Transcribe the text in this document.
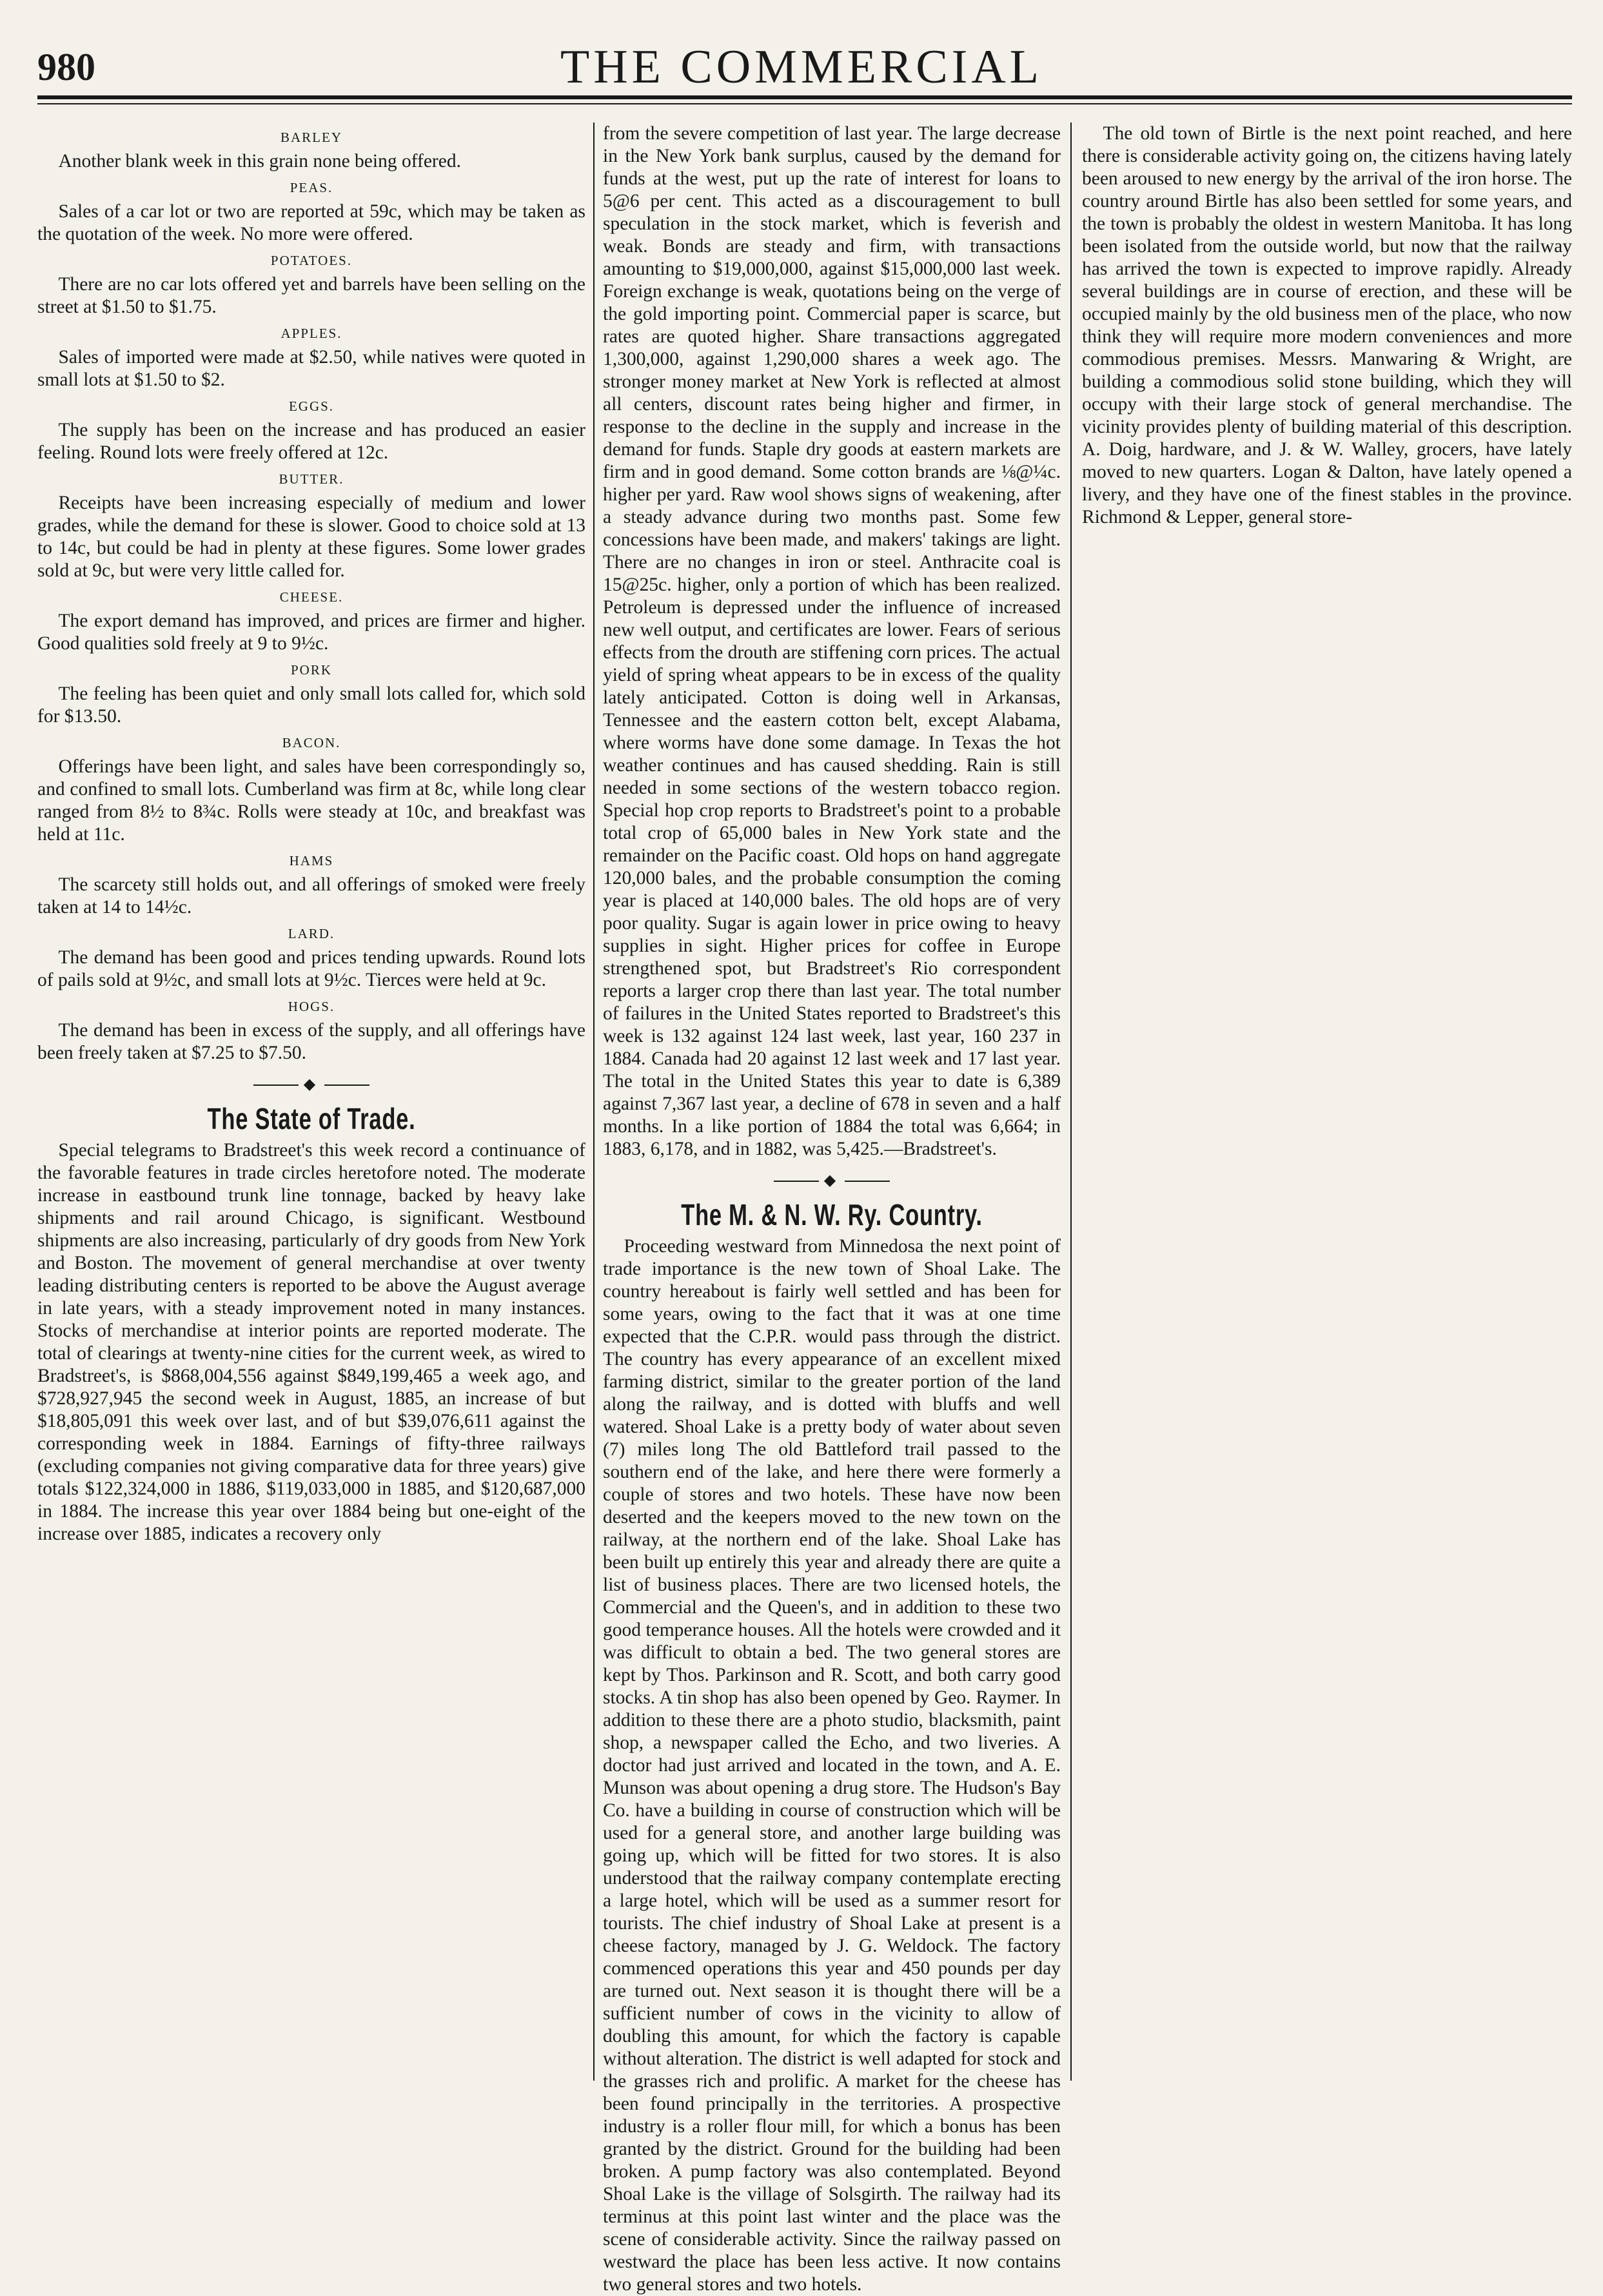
980	THE COMMERCIAL
BARLEY

Another blank week in this grain none being offered.

PEAS.

Sales of a car lot or two are reported at 59c, which may be taken as the quotation of the week. No more were offered.

POTATOES.

There are no car lots offered yet and barrels have been selling on the street at $1.50 to $1.75.

APPLES.

Sales of imported were made at $2.50, while natives were quoted in small lots at $1.50 to $2.

EGGS.

The supply has been on the increase and has produced an easier feeling. Round lots were freely offered at 12c.

BUTTER.

Receipts have been increasing especially of medium and lower grades, while the demand for these is slower. Good to choice sold at 13 to 14c, but could be had in plenty at these figures. Some lower grades sold at 9c, but were very little called for.

CHEESE.

The export demand has improved, and prices are firmer and higher. Good qualities sold freely at 9 to 9½c.

PORK

The feeling has been quiet and only small lots called for, which sold for $13.50.

BACON.

Offerings have been light, and sales have been correspondingly so, and confined to small lots. Cumberland was firm at 8c, while long clear ranged from 8½ to 8¾c. Rolls were steady at 10c, and breakfast was held at 11c.

HAMS

The scarcety still holds out, and all offerings of smoked were freely taken at 14 to 14½c.

LARD.

The demand has been good and prices tending upwards. Round lots of pails sold at 9½c, and small lots at 9½c. Tierces were held at 9c.

HOGS.

The demand has been in excess of the supply, and all offerings have been freely taken at $7.25 to $7.50.

◆
The State of Trade.

Special telegrams to Bradstreet's this week record a continuance of the favorable features in trade circles heretofore noted. The moderate increase in eastbound trunk line tonnage, backed by heavy lake shipments and rail around Chicago, is significant. Westbound shipments are also increasing, particularly of dry goods from New York and Boston. The movement of general merchandise at over twenty leading distributing centers is reported to be above the August average in late years, with a steady improvement noted in many instances. Stocks of merchandise at interior points are reported moderate. The total of clearings at twenty-nine cities for the current week, as wired to Bradstreet's, is $868,004,556 against $849,199,465 a week ago, and $728,927,945 the second week in August, 1885, an increase of but $18,805,091 this week over last, and of but $39,076,611 against the corresponding week in 1884. Earnings of fifty-three railways (excluding companies not giving comparative data for three years) give totals $122,324,000 in 1886, $119,033,000 in 1885, and $120,687,000 in 1884. The increase this year over 1884 being but one-eight of the increase over 1885, indicates a recovery only

from the severe competition of last year. The large decrease in the New York bank surplus, caused by the demand for funds at the west, put up the rate of interest for loans to 5@6 per cent. This acted as a discouragement to bull speculation in the stock market, which is feverish and weak. Bonds are steady and firm, with transactions amounting to $19,000,000, against $15,000,000 last week. Foreign exchange is weak, quotations being on the verge of the gold importing point. Commercial paper is scarce, but rates are quoted higher. Share transactions aggregated 1,300,000, against 1,290,000 shares a week ago. The stronger money market at New York is reflected at almost all centers, discount rates being higher and firmer, in response to the decline in the supply and increase in the demand for funds. Staple dry goods at eastern markets are firm and in good demand. Some cotton brands are ⅛@¼c. higher per yard. Raw wool shows signs of weakening, after a steady advance during two months past. Some few concessions have been made, and makers' takings are light. There are no changes in iron or steel. Anthracite coal is 15@25c. higher, only a portion of which has been realized. Petroleum is depressed under the influence of increased new well output, and certificates are lower. Fears of serious effects from the drouth are stiffening corn prices. The actual yield of spring wheat appears to be in excess of the quality lately anticipated. Cotton is doing well in Arkansas, Tennessee and the eastern cotton belt, except Alabama, where worms have done some damage. In Texas the hot weather continues and has caused shedding. Rain is still needed in some sections of the western tobacco region. Special hop crop reports to Bradstreet's point to a probable total crop of 65,000 bales in New York state and the remainder on the Pacific coast. Old hops on hand aggregate 120,000 bales, and the probable consumption the coming year is placed at 140,000 bales. The old hops are of very poor quality. Sugar is again lower in price owing to heavy supplies in sight. Higher prices for coffee in Europe strengthened spot, but Bradstreet's Rio correspondent reports a larger crop there than last year. The total number of failures in the United States reported to Bradstreet's this week is 132 against 124 last week, last year, 160 237 in 1884. Canada had 20 against 12 last week and 17 last year. The total in the United States this year to date is 6,389 against 7,367 last year, a decline of 678 in seven and a half months. In a like portion of 1884 the total was 6,664; in 1883, 6,178, and in 1882, was 5,425.—Bradstreet's.

◆
The M. & N. W. Ry. Country.

Proceeding westward from Minnedosa the next point of trade importance is the new town of Shoal Lake. The country hereabout is fairly well settled and has been for some years, owing to the fact that it was at one time expected that the C.P.R. would pass through the district. The country has every appearance of an excellent mixed farming district, similar to the greater portion of the land along the railway, and is dotted with bluffs and well watered. Shoal Lake is a pretty body of water about seven (7) miles long The old Battleford trail passed to the southern end of the lake, and here there were formerly a couple of stores and two hotels. These have now been deserted and the keepers moved to the new town on the railway, at the northern end of the lake. Shoal Lake has been built up entirely this year and already there are quite a list of business places. There are two licensed hotels, the Commercial and the Queen's, and in addition to these two good temperance houses. All the hotels were crowded and it was difficult to obtain a bed. The two general stores are kept by Thos. Parkinson and R. Scott, and both carry good stocks. A tin shop has also been opened by Geo. Raymer. In addition to these there are a photo studio, blacksmith, paint shop, a newspaper called the Echo, and two liveries. A doctor had just arrived and located in the town, and A. E. Munson was about opening a drug store. The Hudson's Bay Co. have a building in course of construction which will be used for a general store, and another large building was going up, which will be fitted for two stores. It is also understood that the railway company contemplate erecting a large hotel, which will be used as a summer resort for tourists. The chief industry of Shoal Lake at present is a cheese factory, managed by J. G. Weldock. The factory commenced operations this year and 450 pounds per day are turned out. Next season it is thought there will be a sufficient number of cows in the vicinity to allow of doubling this amount, for which the factory is capable without alteration. The district is well adapted for stock and the grasses rich and prolific. A market for the cheese has been found principally in the territories. A prospective industry is a roller flour mill, for which a bonus has been granted by the district. Ground for the building had been broken. A pump factory was also contemplated. Beyond Shoal Lake is the village of Solsgirth. The railway had its terminus at this point last winter and the place was the scene of considerable activity. Since the railway passed on westward the place has been less active. It now contains two general stores and two hotels.

The old town of Birtle is the next point reached, and here there is considerable activity going on, the citizens having lately been aroused to new energy by the arrival of the iron horse. The country around Birtle has also been settled for some years, and the town is probably the oldest in western Manitoba. It has long been isolated from the outside world, but now that the railway has arrived the town is expected to improve rapidly. Already several buildings are in course of erection, and these will be occupied mainly by the old business men of the place, who now think they will require more modern conveniences and more commodious premises. Messrs. Manwaring & Wright, are building a commodious solid stone building, which they will occupy with their large stock of general merchandise. The vicinity provides plenty of building material of this description. A. Doig, hardware, and J. & W. Walley, grocers, have lately moved to new quarters. Logan & Dalton, have lately opened a livery, and they have one of the finest stables in the province. Richmond & Lepper, general store-
